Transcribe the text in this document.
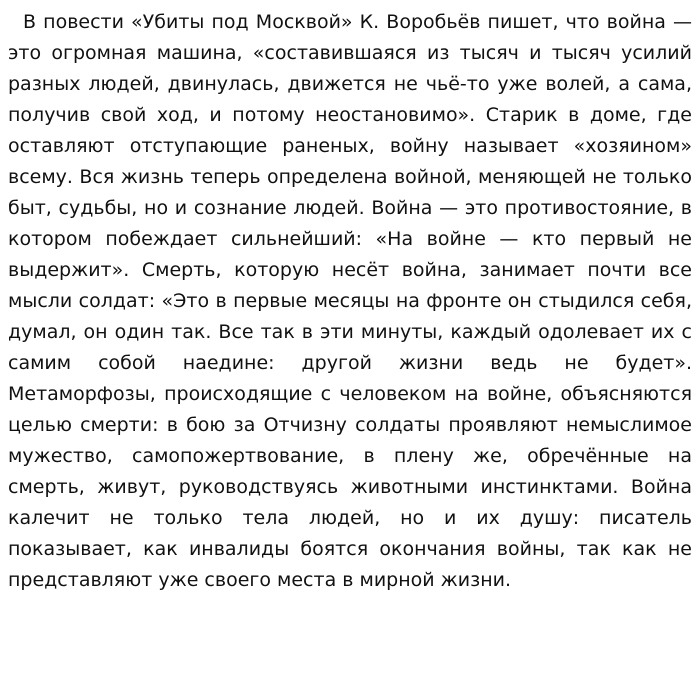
В повести «Убиты под Москвой» К. Воробьёв пишет, что война — это огромная машина, «составившаяся из тысяч и тысяч усилий разных людей, двинулась, движется не чьё-то уже волей, а сама, получив свой ход, и потому неостановимо». Старик в доме, где оставляют отступающие раненых, войну называет «хозяином» всему. Вся жизнь теперь определена войной, меняющей не только быт, судьбы, но и сознание людей. Война — это противостояние, в котором побеждает сильнейший: «На войне — кто первый не выдержит». Смерть, которую несёт война, занимает почти все мысли солдат: «Это в первые месяцы на фронте он стыдился себя, думал, он один так. Все так в эти минуты, каждый одолевает их с самим собой наедине: другой жизни ведь не будет». Метаморфозы, происходящие с человеком на войне, объясняются целью смерти: в бою за Отчизну солдаты проявляют немыслимое мужество, самопожертвование, в плену же, обречённые на смерть, живут, руководствуясь животными инстинктами. Война калечит не только тела людей, но и их душу: писатель показывает, как инвалиды боятся окончания войны, так как не представляют уже своего места в мирной жизни.
